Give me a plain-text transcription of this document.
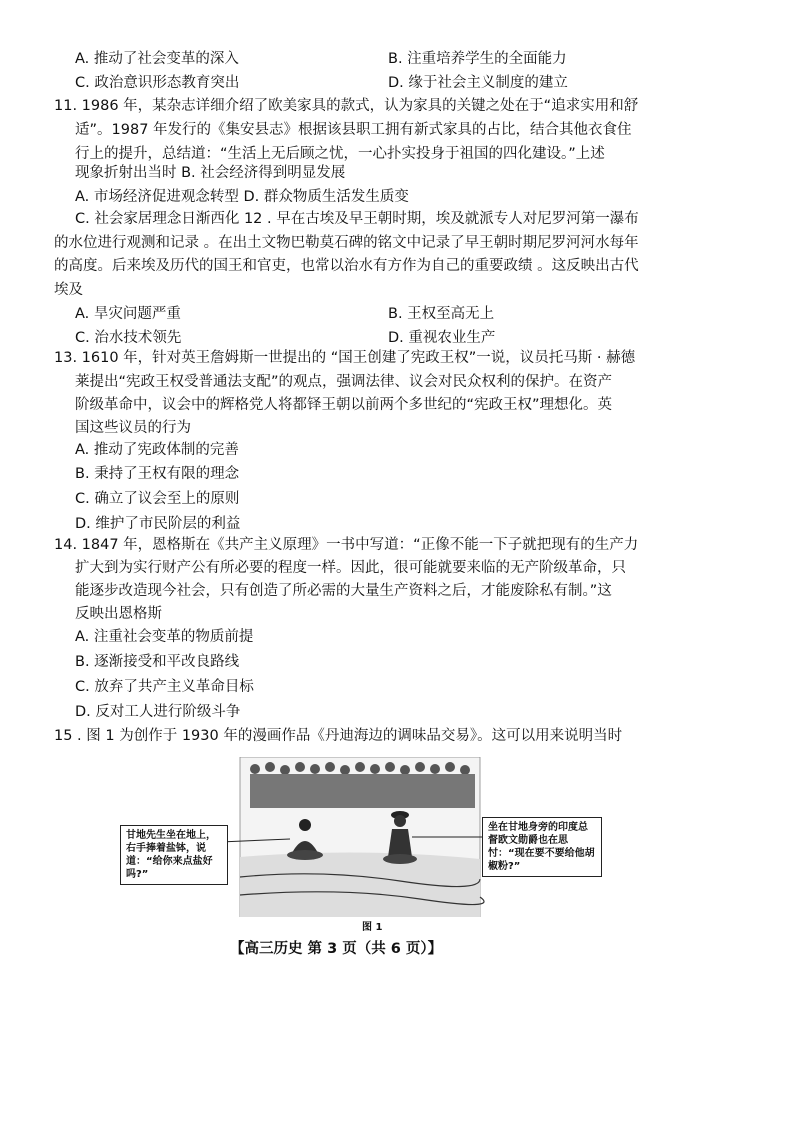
A. 推动了社会变革的深入	B. 注重培养学生的全面能力
C. 政治意识形态教育突出	D. 缘于社会主义制度的建立
11. 1986 年，某杂志详细介绍了欧美家具的款式，认为家具的关键之处在于“追求实用和舒
适”。1987 年发行的《集安县志》根据该县职工拥有新式家具的占比，结合其他衣食住
行上的提升，总结道：“生活上无后顾之忧，一心扑实投身于祖国的四化建设。”上述
现象折射出当时 B. 社会经济得到明显发展
A. 市场经济促进观念转型 D. 群众物质生活发生质变
C. 社会家居理念日渐西化 12 . 早在古埃及早王朝时期，埃及就派专人对尼罗河第一瀑布
的水位进行观测和记录 。在出土文物巴勒莫石碑的铭文中记录了早王朝时期尼罗河河水每年
的高度。后来埃及历代的国王和官吏，也常以治水有方作为自己的重要政绩 。这反映出古代
埃及
A. 旱灾问题严重	B. 王权至高无上
C. 治水技术领先	D. 重视农业生产
13. 1610 年，针对英王詹姆斯一世提出的 “国王创建了宪政王权”一说，议员托马斯 · 赫德
莱提出“宪政王权受普通法支配”的观点，强调法律、议会对民众权利的保护。在资产
阶级革命中，议会中的辉格党人将都铎王朝以前两个多世纪的“宪政王权”理想化。英
国这些议员的行为
A. 推动了宪政体制的完善
B. 秉持了王权有限的理念
C. 确立了议会至上的原则
D. 维护了市民阶层的利益
14. 1847 年，恩格斯在《共产主义原理》一书中写道：“正像不能一下子就把现有的生产力
扩大到为实行财产公有所必要的程度一样。因此，很可能就要来临的无产阶级革命，只
能逐步改造现今社会，只有创造了所必需的大量生产资料之后，才能废除私有制。”这
反映出恩格斯
A. 注重社会变革的物质前提
B. 逐渐接受和平改良路线
C. 放弃了共产主义革命目标
D. 反对工人进行阶级斗争
15 . 图 1 为创作于 1930 年的漫画作品《丹迪海边的调味品交易》。这可以用来说明当时
甘地先生坐在地上，右手捧着盐钵，说道：“给你来点盐好吗?”
坐在甘地身旁的印度总督欧文勋爵也在思忖：“现在要不要给他胡椒粉?”
图 1
【高三历史 第 3 页（共 6 页）】
